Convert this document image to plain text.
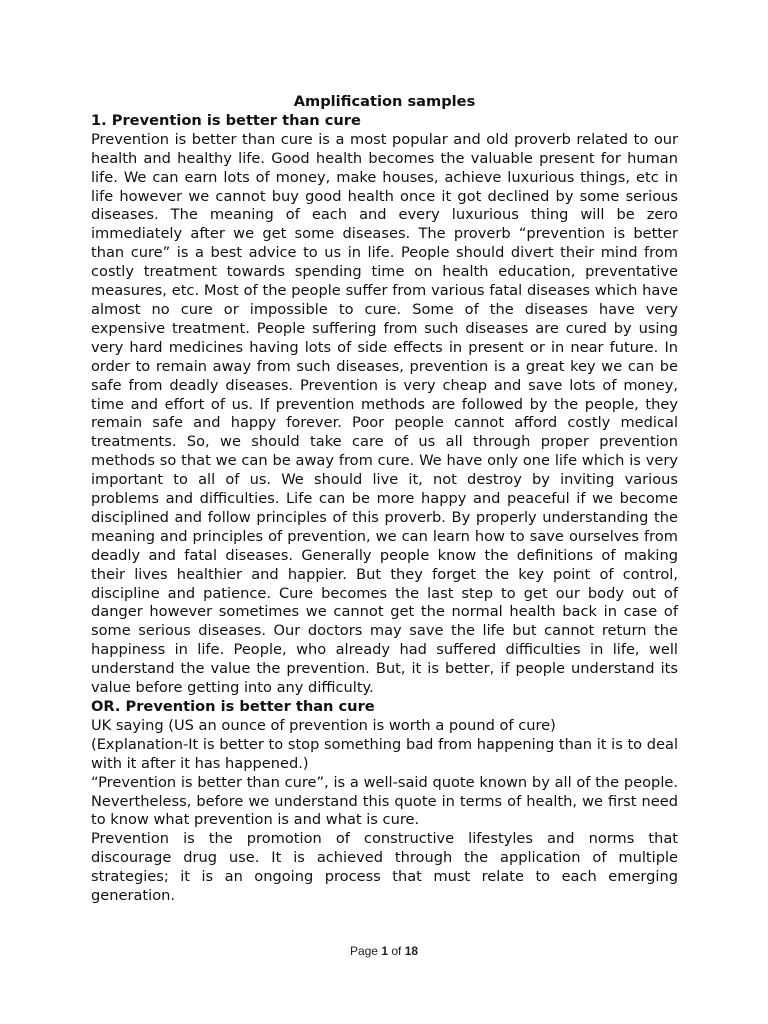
Amplification samples

1. Prevention is better than cure

Prevention is better than cure is a most popular and old proverb related to our health and healthy life. Good health becomes the valuable present for human life. We can earn lots of money, make houses, achieve luxurious things, etc in life however we cannot buy good health once it got declined by some serious diseases. The meaning of each and every luxurious thing will be zero immediately after we get some diseases. The proverb “prevention is better than cure” is a best advice to us in life. People should divert their mind from costly treatment towards spending time on health education, preventative measures, etc. Most of the people suffer from various fatal diseases which have almost no cure or impossible to cure. Some of the diseases have very expensive treatment. People suffering from such diseases are cured by using very hard medicines having lots of side effects in present or in near future. In order to remain away from such diseases, prevention is a great key we can be safe from deadly diseases. Prevention is very cheap and save lots of money, time and effort of us. If prevention methods are followed by the people, they remain safe and happy forever. Poor people cannot afford costly medical treatments. So, we should take care of us all through proper prevention methods so that we can be away from cure. We have only one life which is very important to all of us. We should live it, not destroy by inviting various problems and difficulties. Life can be more happy and peaceful if we become disciplined and follow principles of this proverb. By properly understanding the meaning and principles of prevention, we can learn how to save ourselves from deadly and fatal diseases. Generally people know the definitions of making their lives healthier and happier. But they forget the key point of control, discipline and patience. Cure becomes the last step to get our body out of danger however sometimes we cannot get the normal health back in case of some serious diseases. Our doctors may save the life but cannot return the happiness in life. People, who already had suffered difficulties in life, well understand the value the prevention. But, it is better, if people understand its value before getting into any difficulty.

OR. Prevention is better than cure

UK saying (US an ounce of prevention is worth a pound of cure)

(Explanation-It is better to stop something bad from happening than it is to deal with it after it has happened.)

“Prevention is better than cure”, is a well-said quote known by all of the people. Nevertheless, before we understand this quote in terms of health, we first need to know what prevention is and what is cure.

Prevention is the promotion of constructive lifestyles and norms that discourage drug use. It is achieved through the application of multiple strategies; it is an ongoing process that must relate to each emerging generation.

Page 1 of 18
